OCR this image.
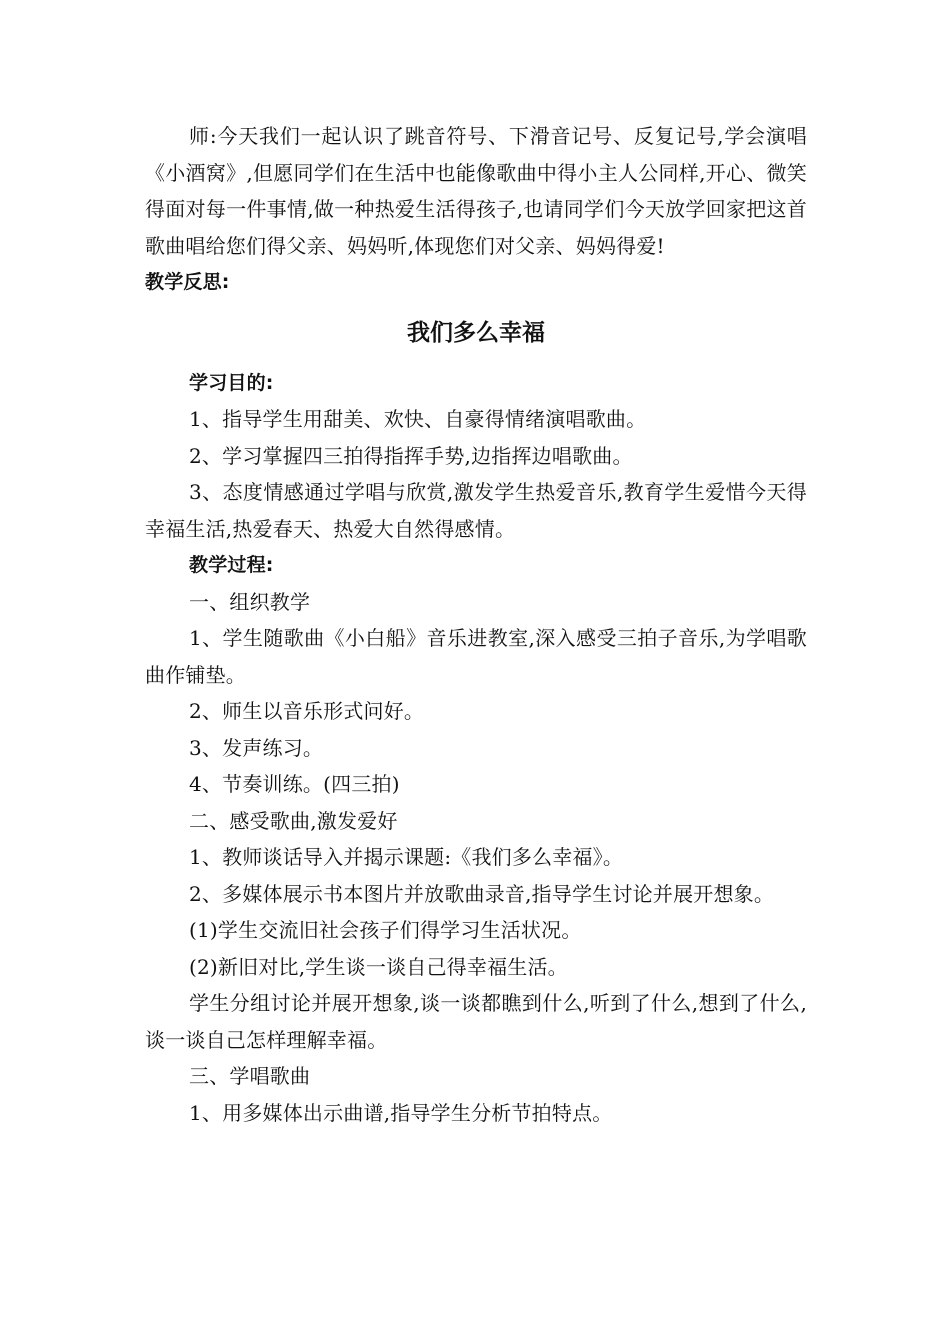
师:今天我们一起认识了跳音符号、下滑音记号、反复记号,学会演唱《小酒窝》,但愿同学们在生活中也能像歌曲中得小主人公同样,开心、微笑得面对每一件事情,做一种热爱生活得孩子,也请同学们今天放学回家把这首歌曲唱给您们得父亲、妈妈听,体现您们对父亲、妈妈得爱!

教学反思:

我们多么幸福

学习目的:

1、指导学生用甜美、欢快、自豪得情绪演唱歌曲。

2、学习掌握四三拍得指挥手势,边指挥边唱歌曲。

3、态度情感通过学唱与欣赏,激发学生热爱音乐,教育学生爱惜今天得幸福生活,热爱春天、热爱大自然得感情。

教学过程:

一、组织教学

1、学生随歌曲《小白船》音乐进教室,深入感受三拍子音乐,为学唱歌曲作铺垫。

2、师生以音乐形式问好。

3、发声练习。

4、节奏训练。(四三拍)

二、感受歌曲,激发爱好

1、教师谈话导入并揭示课题:《我们多么幸福》。

2、多媒体展示书本图片并放歌曲录音,指导学生讨论并展开想象。

(1)学生交流旧社会孩子们得学习生活状况。

(2)新旧对比,学生谈一谈自己得幸福生活。

学生分组讨论并展开想象,谈一谈都瞧到什么,听到了什么,想到了什么,谈一谈自己怎样理解幸福。

三、学唱歌曲

1、用多媒体出示曲谱,指导学生分析节拍特点。
